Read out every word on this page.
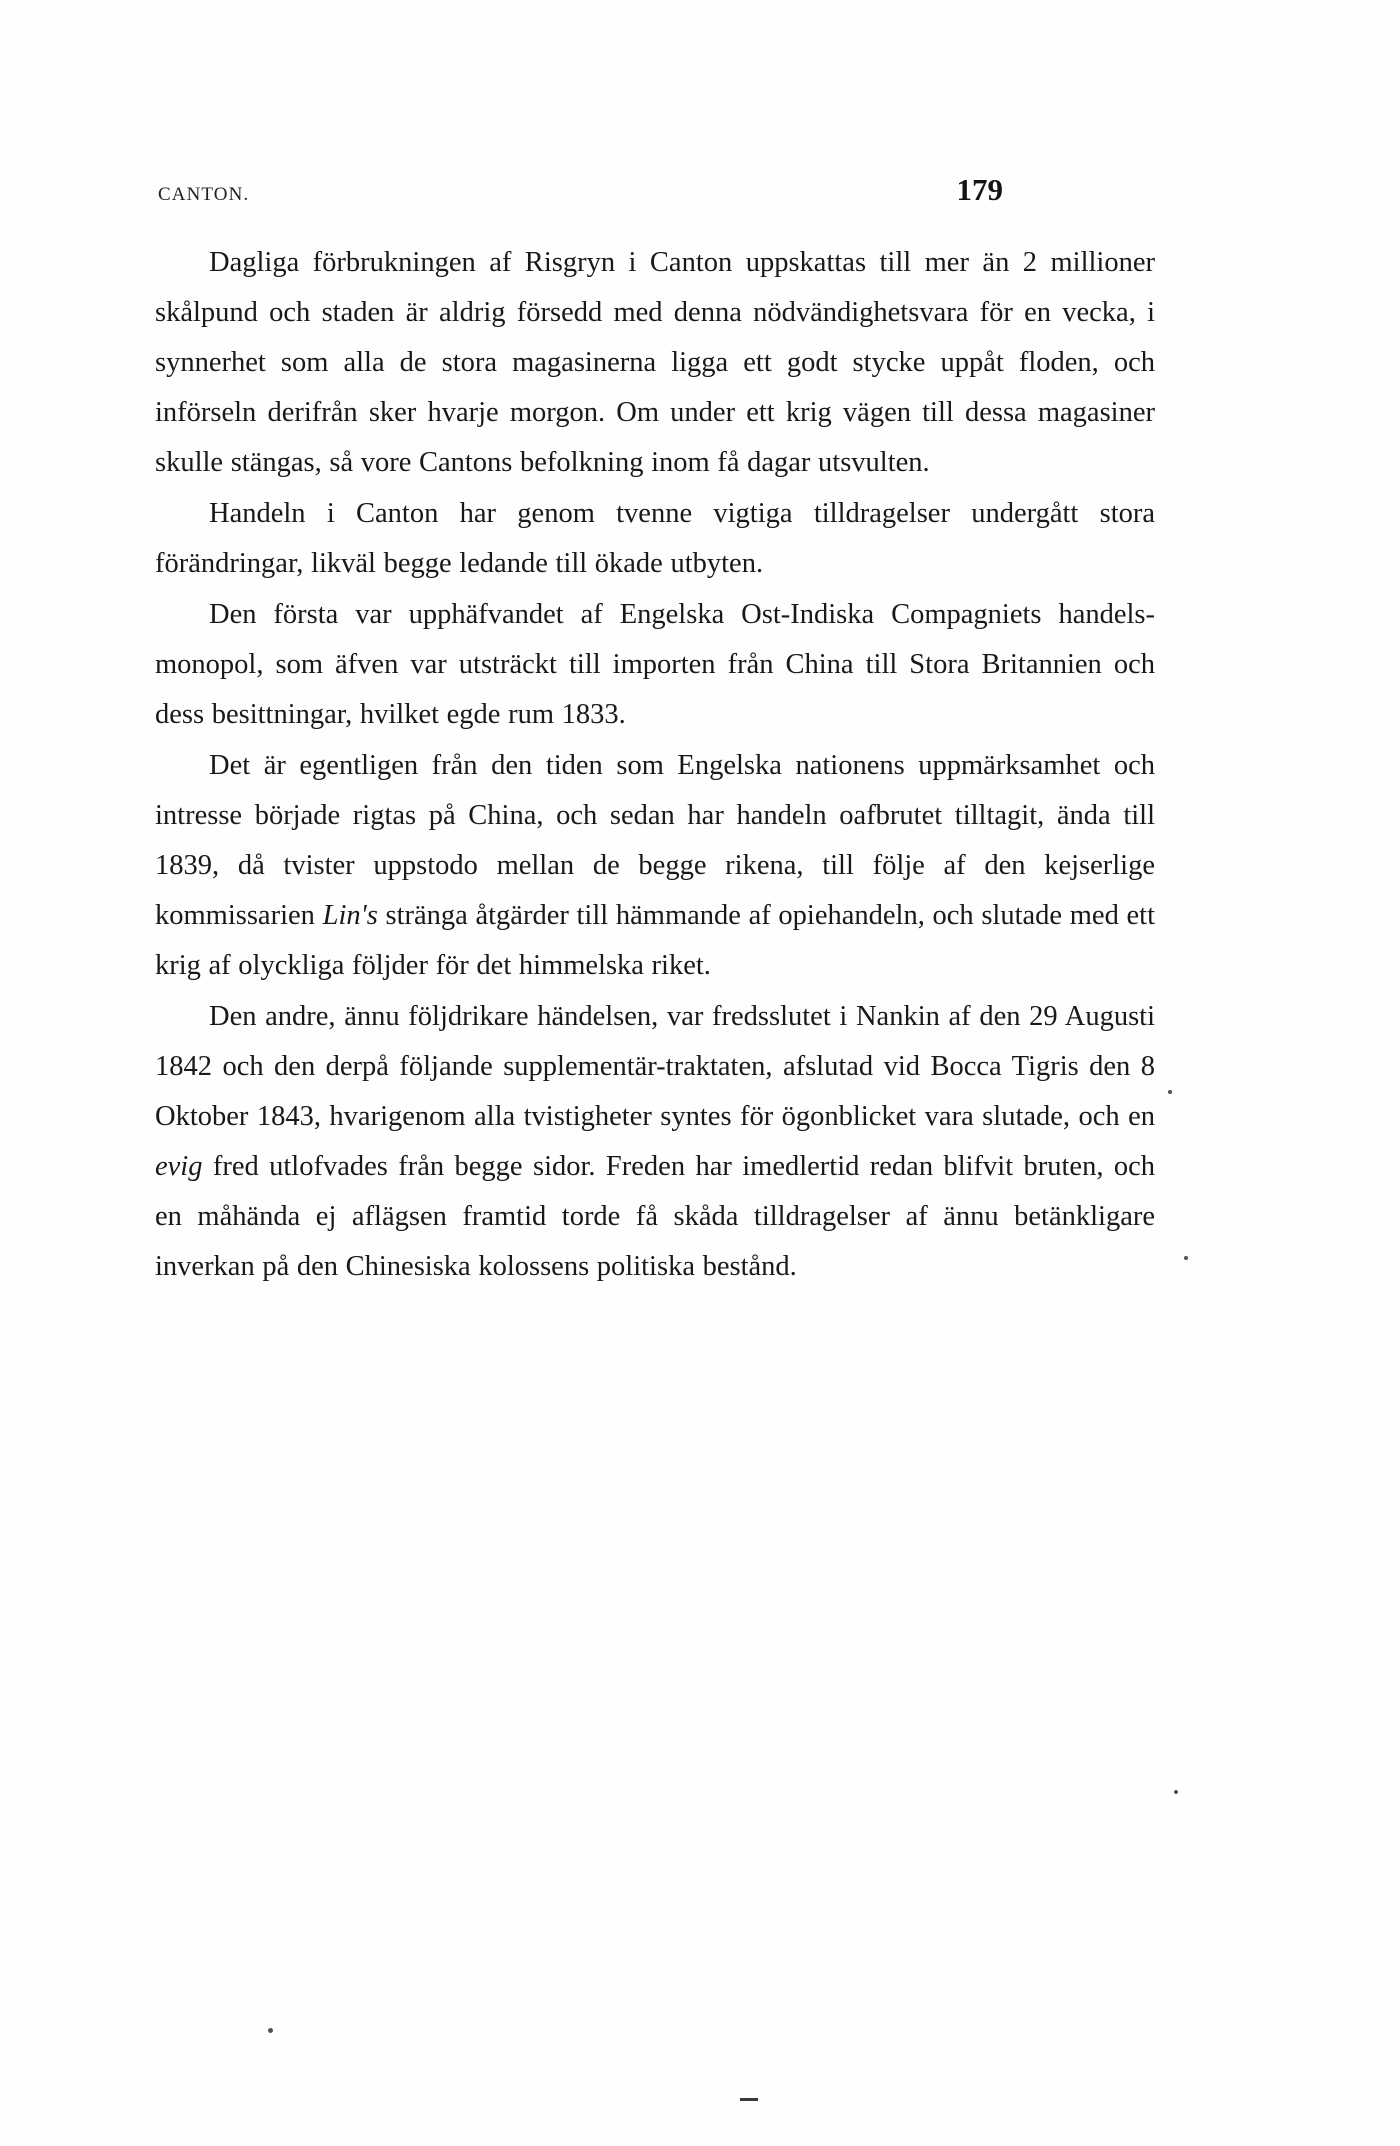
CANTON.	179

Dagliga förbrukningen af Risgryn i Canton uppskattas till mer än 2 millioner skålpund och staden är aldrig försedd med denna nödvändighetsvara för en vecka, i synnerhet som alla de stora magasinerna ligga ett godt stycke uppåt floden, och införseln derifrån sker hvarje morgon. Om under ett krig vägen till dessa magasiner skulle stängas, så vore Cantons befolkning inom få dagar utsvulten.

Handeln i Canton har genom tvenne vigtiga tilldragelser undergått stora förändringar, likväl begge ledande till ökade utbyten.

Den första var upphäfvandet af Engelska Ost-Indiska Compagniets handels-monopol, som äfven var utsträckt till importen från China till Stora Britannien och dess besittningar, hvilket egde rum 1833.

Det är egentligen från den tiden som Engelska nationens uppmärksamhet och intresse började rigtas på China, och sedan har handeln oafbrutet tilltagit, ända till 1839, då tvister uppstodo mellan de begge rikena, till följe af den kejserlige kommissarien Lin's stränga åtgärder till hämmande af opiehandeln, och slutade med ett krig af olyckliga följder för det himmelska riket.

Den andre, ännu följdrikare händelsen, var fredsslutet i Nankin af den 29 Augusti 1842 och den derpå följande supplementär-traktaten, afslutad vid Bocca Tigris den 8 Oktober 1843, hvarigenom alla tvistigheter syntes för ögonblicket vara slutade, och en evig fred utlofvades från begge sidor. Freden har imedlertid redan blifvit bruten, och en måhända ej aflägsen framtid torde få skåda tilldragelser af ännu betänkligare inverkan på den Chinesiska kolossens politiska bestånd.
